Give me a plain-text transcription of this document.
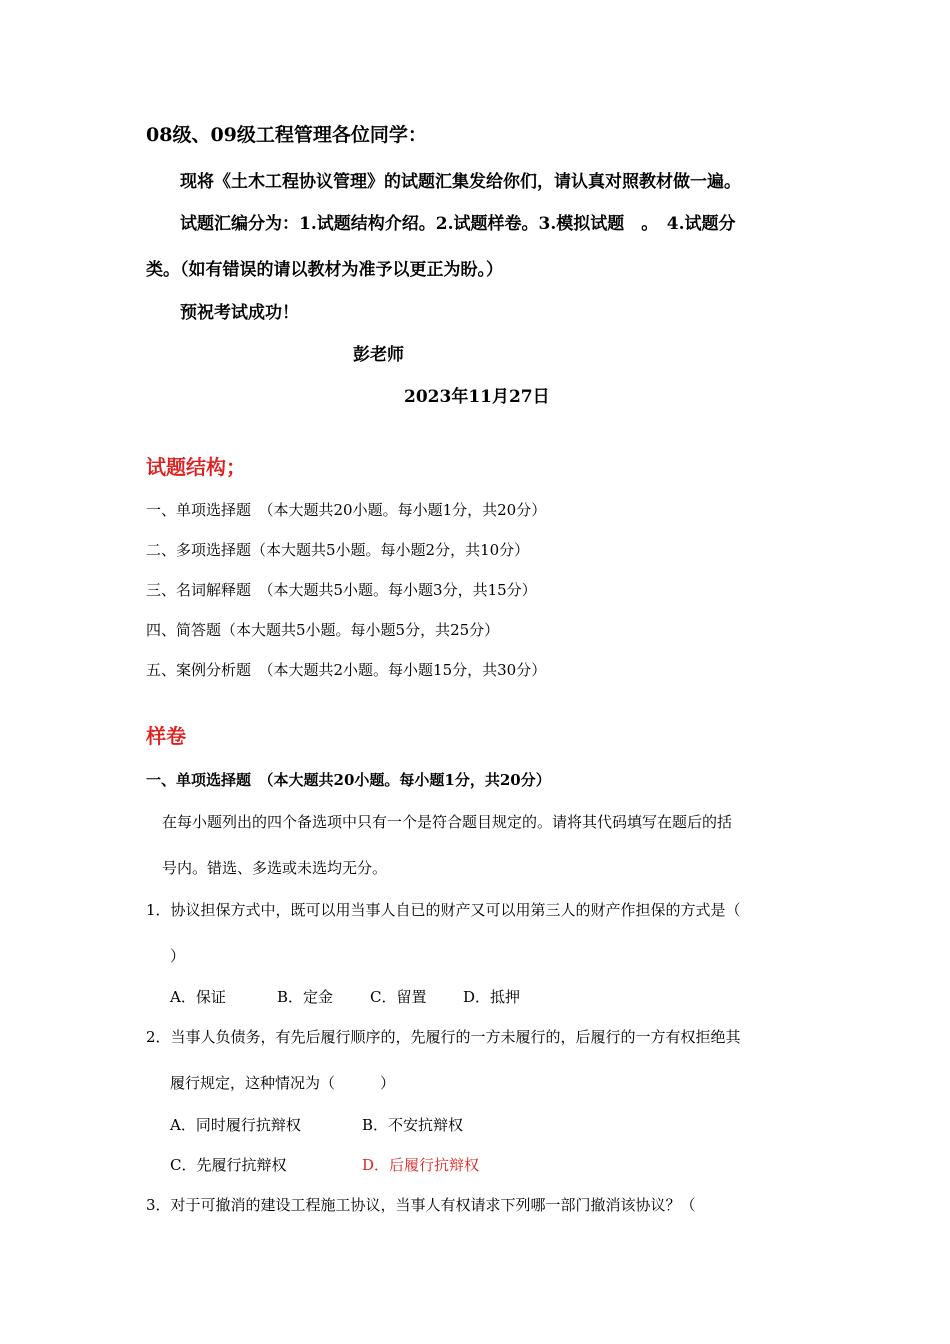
08级、09级工程管理各位同学：
现将《土木工程协议管理》的试题汇集发给你们，请认真对照教材做一遍。
试题汇编分为：1.试题结构介绍。2.试题样卷。3.模拟试题　。　4.试题分
类。（如有错误的请以教材为准予以更正为盼。）
预祝考试成功！
彭老师
2023年11月27日
试题结构；
一、单项选择题　（本大题共20小题。每小题1分，共20分）
二、多项选择题（本大题共5小题。每小题2分，共10分）
三、名词解释题　（本大题共5小题。每小题3分，共15分）
四、简答题（本大题共5小题。每小题5分，共25分）
五、案例分析题　（本大题共2小题。每小题15分，共30分）
样卷
一、单项选择题　（本大题共20小题。每小题1分，共20分）
在每小题列出的四个备选项中只有一个是符合题目规定的。请将其代码填写在题后的括
号内。错选、多选或未选均无分。
1．协议担保方式中，既可以用当事人自已的财产又可以用第三人的财产作担保的方式是（
）
A．保证	B．定金 C．留置 D．抵押
2．当事人负债务，有先后履行顺序的，先履行的一方未履行的，后履行的一方有权拒绝其
履行规定，这种情况为（　　　）
A．同时履行抗辩权	B．不安抗辩权
C．先履行抗辩权	D．后履行抗辩权
3．对于可撤消的建设工程施工协议，当事人有权请求下列哪一部门撤消该协议？（
